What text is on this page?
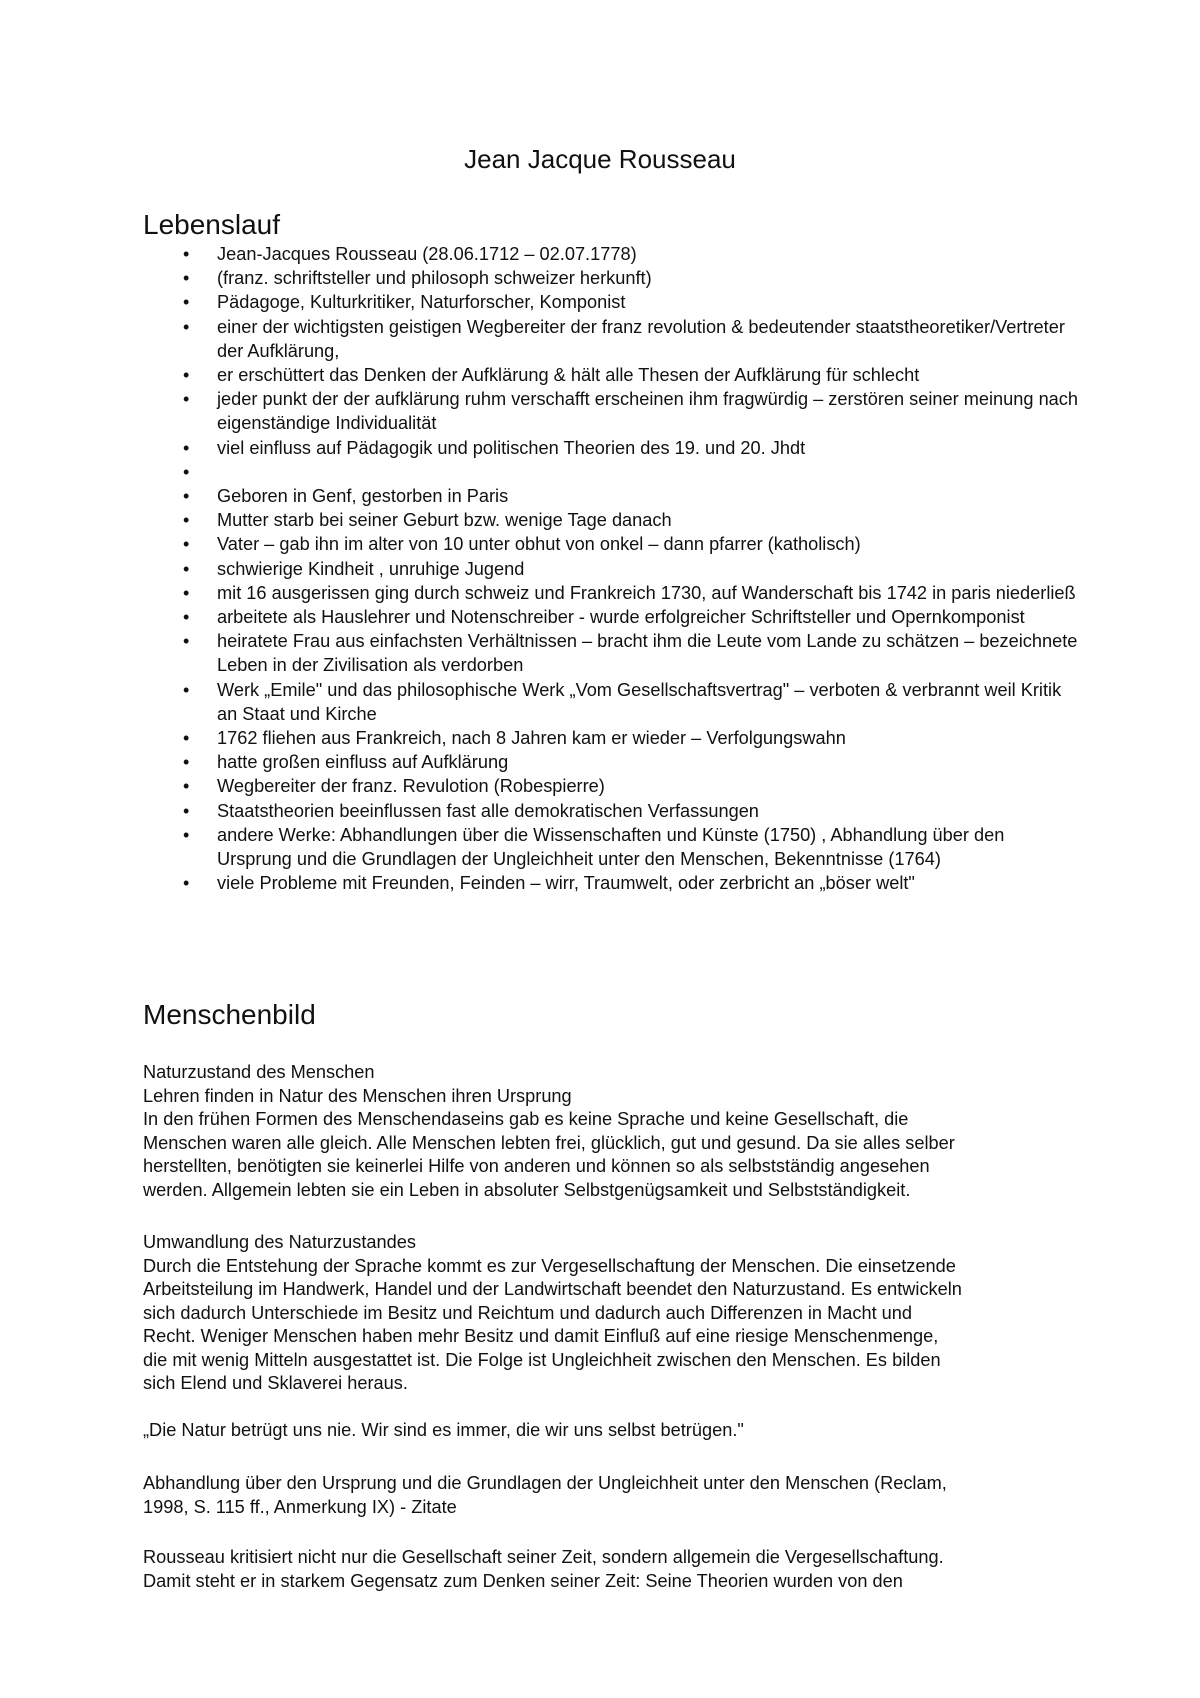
Jean Jacque Rousseau
Lebenslauf
• Jean-Jacques Rousseau (28.06.1712 – 02.07.1778)
• (franz. schriftsteller und philosoph schweizer herkunft)
• Pädagoge, Kulturkritiker, Naturforscher, Komponist
• einer der wichtigsten geistigen Wegbereiter der franz revolution & bedeutender staatstheoretiker/Vertreter der Aufklärung,
• er erschüttert das Denken der Aufklärung & hält alle Thesen der Aufklärung für schlecht
• jeder punkt der der aufklärung ruhm verschafft erscheinen ihm fragwürdig – zerstören seiner meinung nach eigenständige Individualität
• viel einfluss auf Pädagogik und politischen Theorien des 19. und 20. Jhdt
•
• Geboren in Genf, gestorben in Paris
• Mutter starb bei seiner Geburt bzw. wenige Tage danach
• Vater – gab ihn im alter von 10 unter obhut von onkel – dann pfarrer (katholisch)
• schwierige Kindheit , unruhige Jugend
• mit 16 ausgerissen ging durch schweiz und Frankreich 1730, auf Wanderschaft bis 1742 in paris niederließ
• arbeitete als Hauslehrer und Notenschreiber - wurde erfolgreicher Schriftsteller und Opernkomponist
• heiratete Frau aus einfachsten Verhältnissen – bracht ihm die Leute vom Lande zu schätzen – bezeichnete Leben in der Zivilisation als verdorben
• Werk „Emile" und das philosophische Werk „Vom Gesellschaftsvertrag" – verboten & verbrannt weil Kritik an Staat und Kirche
• 1762 fliehen aus Frankreich, nach 8 Jahren kam er wieder – Verfolgungswahn
• hatte großen einfluss auf Aufklärung
• Wegbereiter der franz. Revulotion (Robespierre)
• Staatstheorien beeinflussen fast alle demokratischen Verfassungen
• andere Werke: Abhandlungen über die Wissenschaften und Künste (1750) , Abhandlung über den Ursprung und die Grundlagen der Ungleichheit unter den Menschen, Bekenntnisse (1764)
• viele Probleme mit Freunden, Feinden – wirr, Traumwelt, oder zerbricht an „böser welt"
Menschenbild
Naturzustand des Menschen
Lehren finden in Natur des Menschen ihren Ursprung
In den frühen Formen des Menschendaseins gab es keine Sprache und keine Gesellschaft, die
Menschen waren alle gleich. Alle Menschen lebten frei, glücklich, gut und gesund. Da sie alles selber
herstellten, benötigten sie keinerlei Hilfe von anderen und können so als selbstständig angesehen
werden. Allgemein lebten sie ein Leben in absoluter Selbstgenügsamkeit und Selbstständigkeit.
Umwandlung des Naturzustandes
Durch die Entstehung der Sprache kommt es zur Vergesellschaftung der Menschen. Die einsetzende
Arbeitsteilung im Handwerk, Handel und der Landwirtschaft beendet den Naturzustand. Es entwickeln
sich dadurch Unterschiede im Besitz und Reichtum und dadurch auch Differenzen in Macht und
Recht. Weniger Menschen haben mehr Besitz und damit Einfluß auf eine riesige Menschenmenge,
die mit wenig Mitteln ausgestattet ist. Die Folge ist Ungleichheit zwischen den Menschen. Es bilden
sich Elend und Sklaverei heraus.
„Die Natur betrügt uns nie. Wir sind es immer, die wir uns selbst betrügen."
Abhandlung über den Ursprung und die Grundlagen der Ungleichheit unter den Menschen (Reclam,
1998, S. 115 ff., Anmerkung IX) - Zitate
Rousseau kritisiert nicht nur die Gesellschaft seiner Zeit, sondern allgemein die Vergesellschaftung.
Damit steht er in starkem Gegensatz zum Denken seiner Zeit: Seine Theorien wurden von den
